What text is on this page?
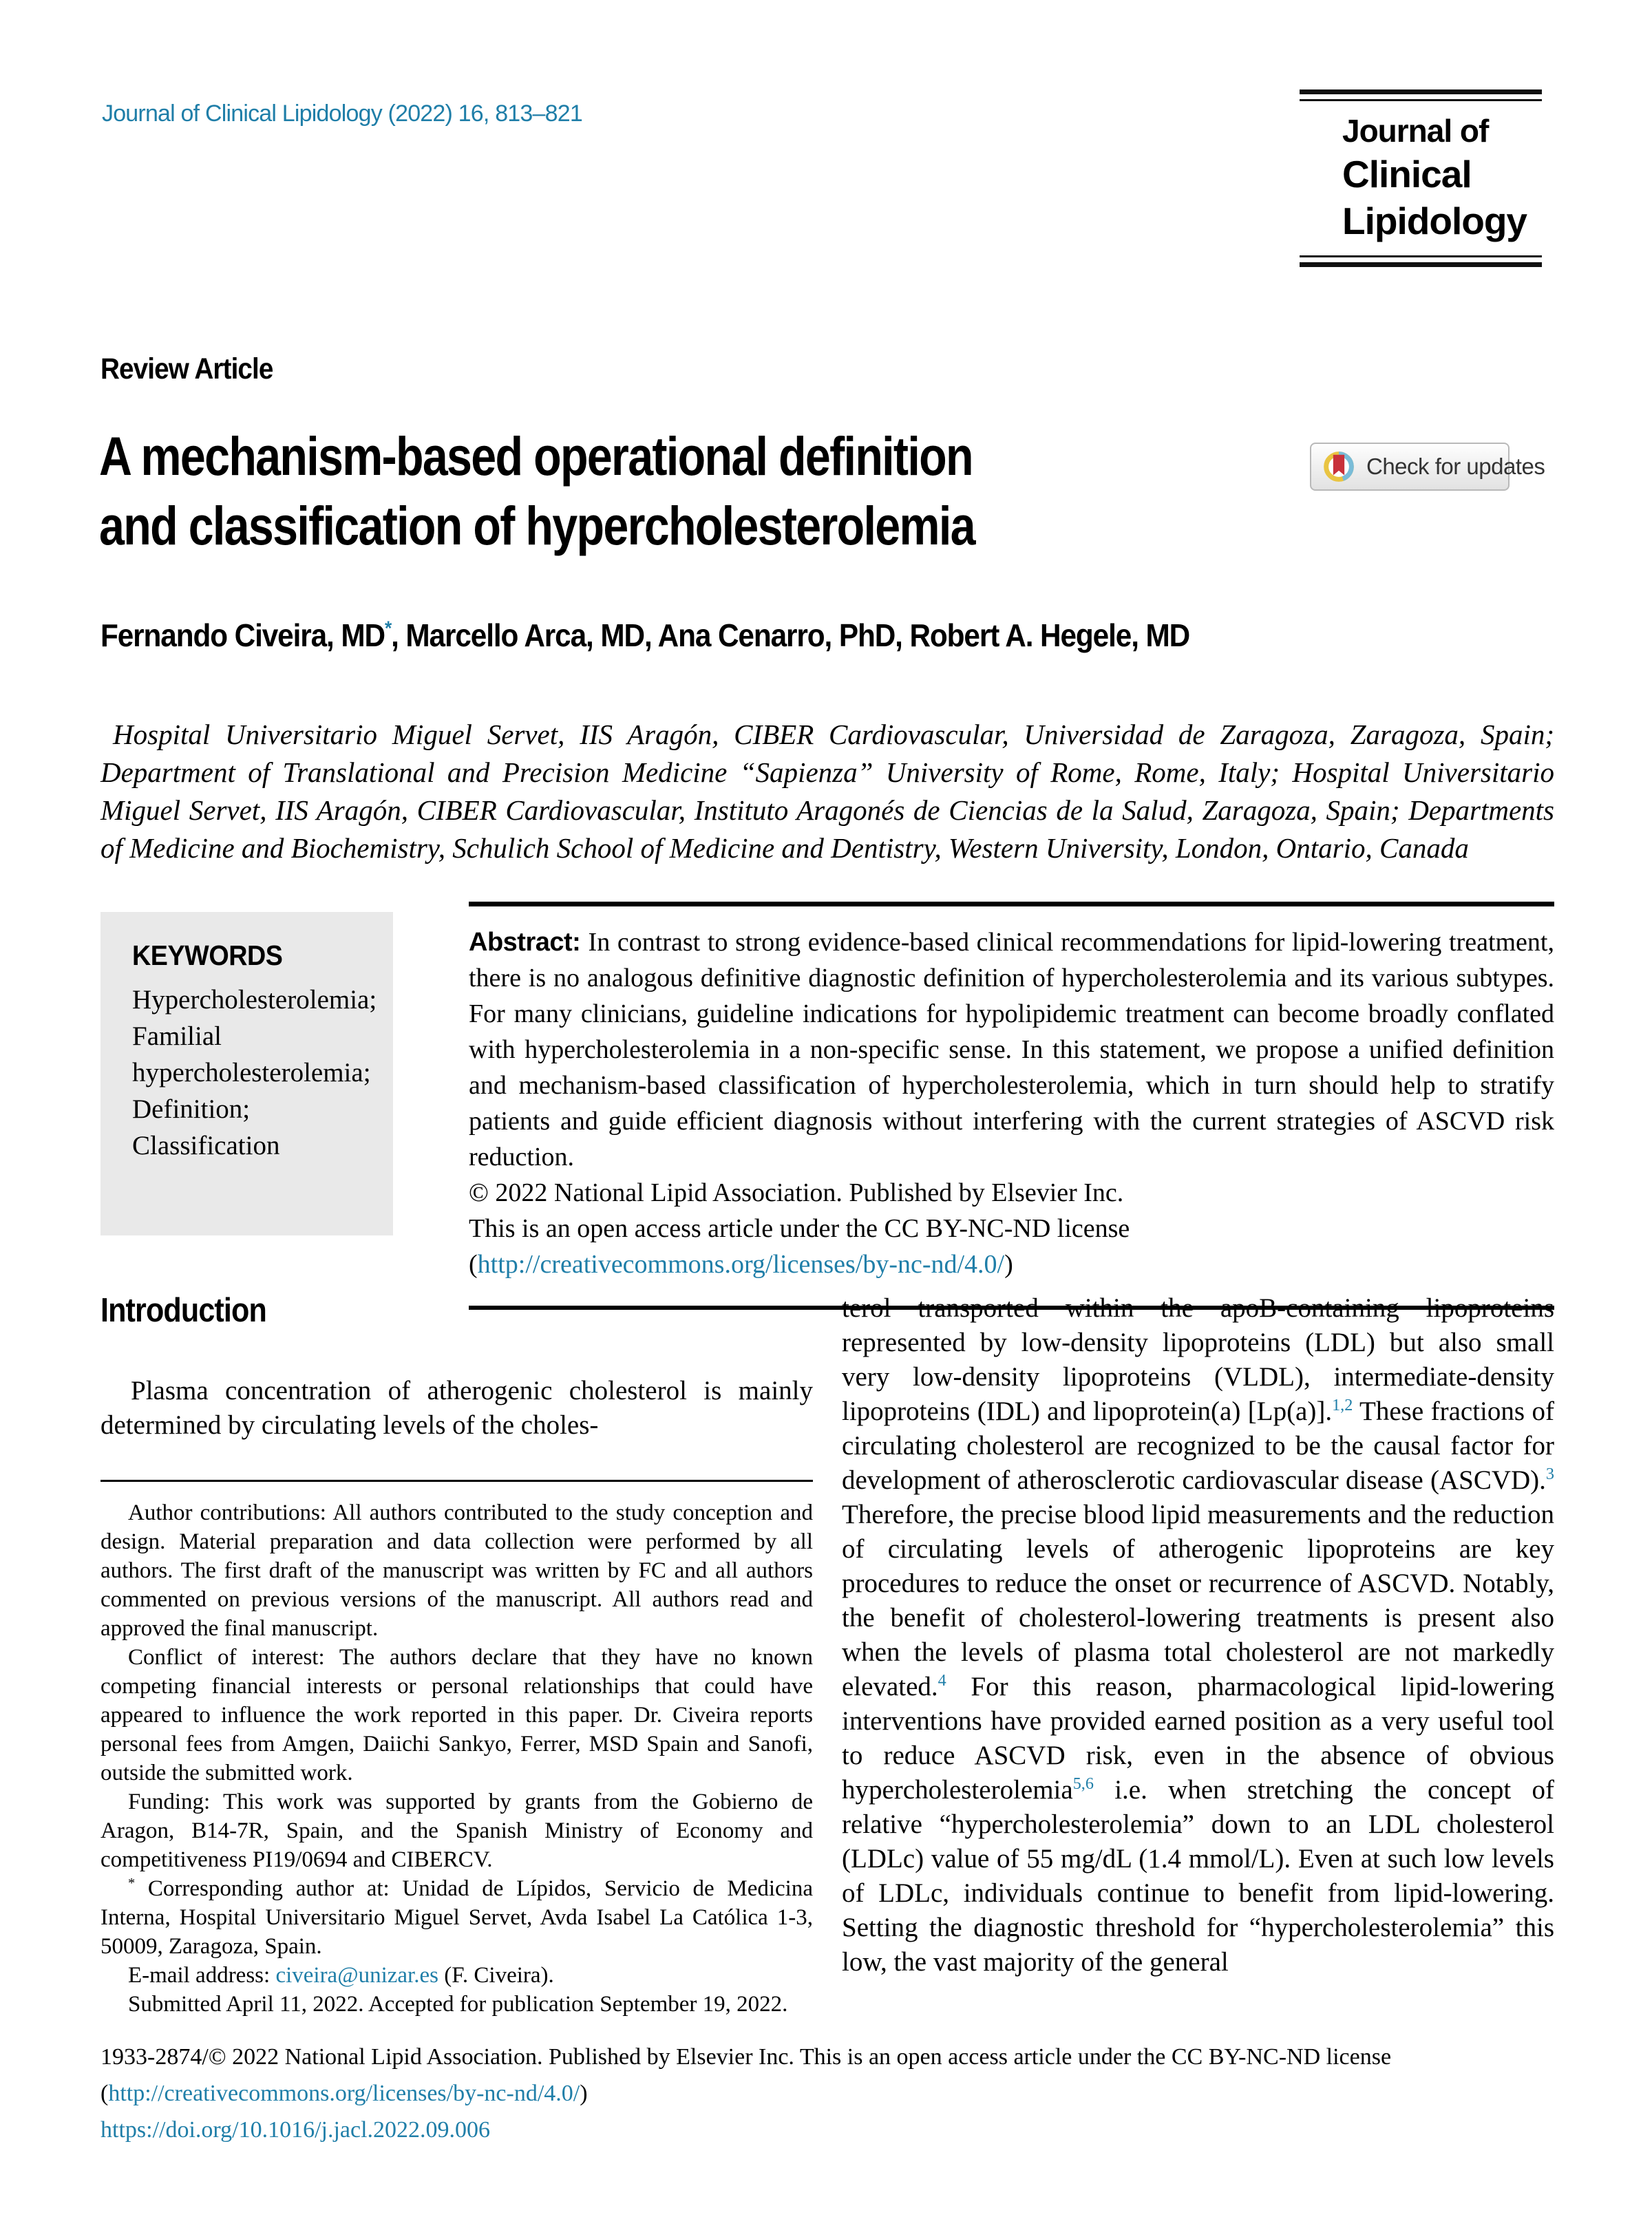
Journal of Clinical Lipidology (2022) 16, 813–821	Journal of
Clinical
Lipidology
Review Article
A mechanism-based operational definition
and classification of hypercholesterolemia
Check for updates
Fernando Civeira, MD*, Marcello Arca, MD, Ana Cenarro, PhD, Robert A. Hegele, MD
Hospital Universitario Miguel Servet, IIS Aragón, CIBER Cardiovascular, Universidad de Zaragoza, Zaragoza, Spain; Department of Translational and Precision Medicine “Sapienza” University of Rome, Rome, Italy; Hospital Universitario Miguel Servet, IIS Aragón, CIBER Cardiovascular, Instituto Aragonés de Ciencias de la Salud, Zaragoza, Spain; Departments of Medicine and Biochemistry, Schulich School of Medicine and Dentistry, Western University, London, Ontario, Canada
KEYWORDS
Hypercholesterolemia;
Familial hypercholesterolemia;
Definition;
Classification
Abstract: In contrast to strong evidence-based clinical recommendations for lipid-lowering treatment, there is no analogous definitive diagnostic definition of hypercholesterolemia and its various subtypes. For many clinicians, guideline indications for hypolipidemic treatment can become broadly conflated with hypercholesterolemia in a non-specific sense. In this statement, we propose a unified definition and mechanism-based classification of hypercholesterolemia, which in turn should help to stratify patients and guide efficient diagnosis without interfering with the current strategies of ASCVD risk reduction.
© 2022 National Lipid Association. Published by Elsevier Inc.
This is an open access article under the CC BY-NC-ND license
(http://creativecommons.org/licenses/by-nc-nd/4.0/)
Introduction

Plasma concentration of atherogenic cholesterol is mainly determined by circulating levels of the choles-

Author contributions: All authors contributed to the study conception and design. Material preparation and data collection were performed by all authors. The first draft of the manuscript was written by FC and all authors commented on previous versions of the manuscript. All authors read and approved the final manuscript.

Conflict of interest: The authors declare that they have no known competing financial interests or personal relationships that could have appeared to influence the work reported in this paper. Dr. Civeira reports personal fees from Amgen, Daiichi Sankyo, Ferrer, MSD Spain and Sanofi, outside the submitted work.

Funding: This work was supported by grants from the Gobierno de Aragon, B14-7R, Spain, and the Spanish Ministry of Economy and competitiveness PI19/0694 and CIBERCV.

* Corresponding author at: Unidad de Lípidos, Servicio de Medicina Interna, Hospital Universitario Miguel Servet, Avda Isabel La Católica 1-3, 50009, Zaragoza, Spain.

E-mail address: civeira@unizar.es (F. Civeira).

Submitted April 11, 2022. Accepted for publication September 19, 2022.

terol transported within the apoB-containing lipoproteins represented by low-density lipoproteins (LDL) but also small very low-density lipoproteins (VLDL), intermediate-density lipoproteins (IDL) and lipoprotein(a) [Lp(a)].$^{1,2}$ These fractions of circulating cholesterol are recognized to be the causal factor for development of atherosclerotic cardiovascular disease (ASCVD).$^3$ Therefore, the precise blood lipid measurements and the reduction of circulating levels of atherogenic lipoproteins are key procedures to reduce the onset or recurrence of ASCVD. Notably, the benefit of cholesterol-lowering treatments is present also when the levels of plasma total cholesterol are not markedly elevated.$^4$ For this reason, pharmacological lipid-lowering interventions have provided earned position as a very useful tool to reduce ASCVD risk, even in the absence of obvious hypercholesterolemia$^{5,6}$ i.e. when stretching the concept of relative “hypercholesterolemia” down to an LDL cholesterol (LDLc) value of 55 mg/dL (1.4 mmol/L). Even at such low levels of LDLc, individuals continue to benefit from lipid-lowering. Setting the diagnostic threshold for “hypercholesterolemia” this low, the vast majority of the general

1933-2874/© 2022 National Lipid Association. Published by Elsevier Inc. This is an open access article under the CC BY-NC-ND license
(http://creativecommons.org/licenses/by-nc-nd/4.0/)
https://doi.org/10.1016/j.jacl.2022.09.006
